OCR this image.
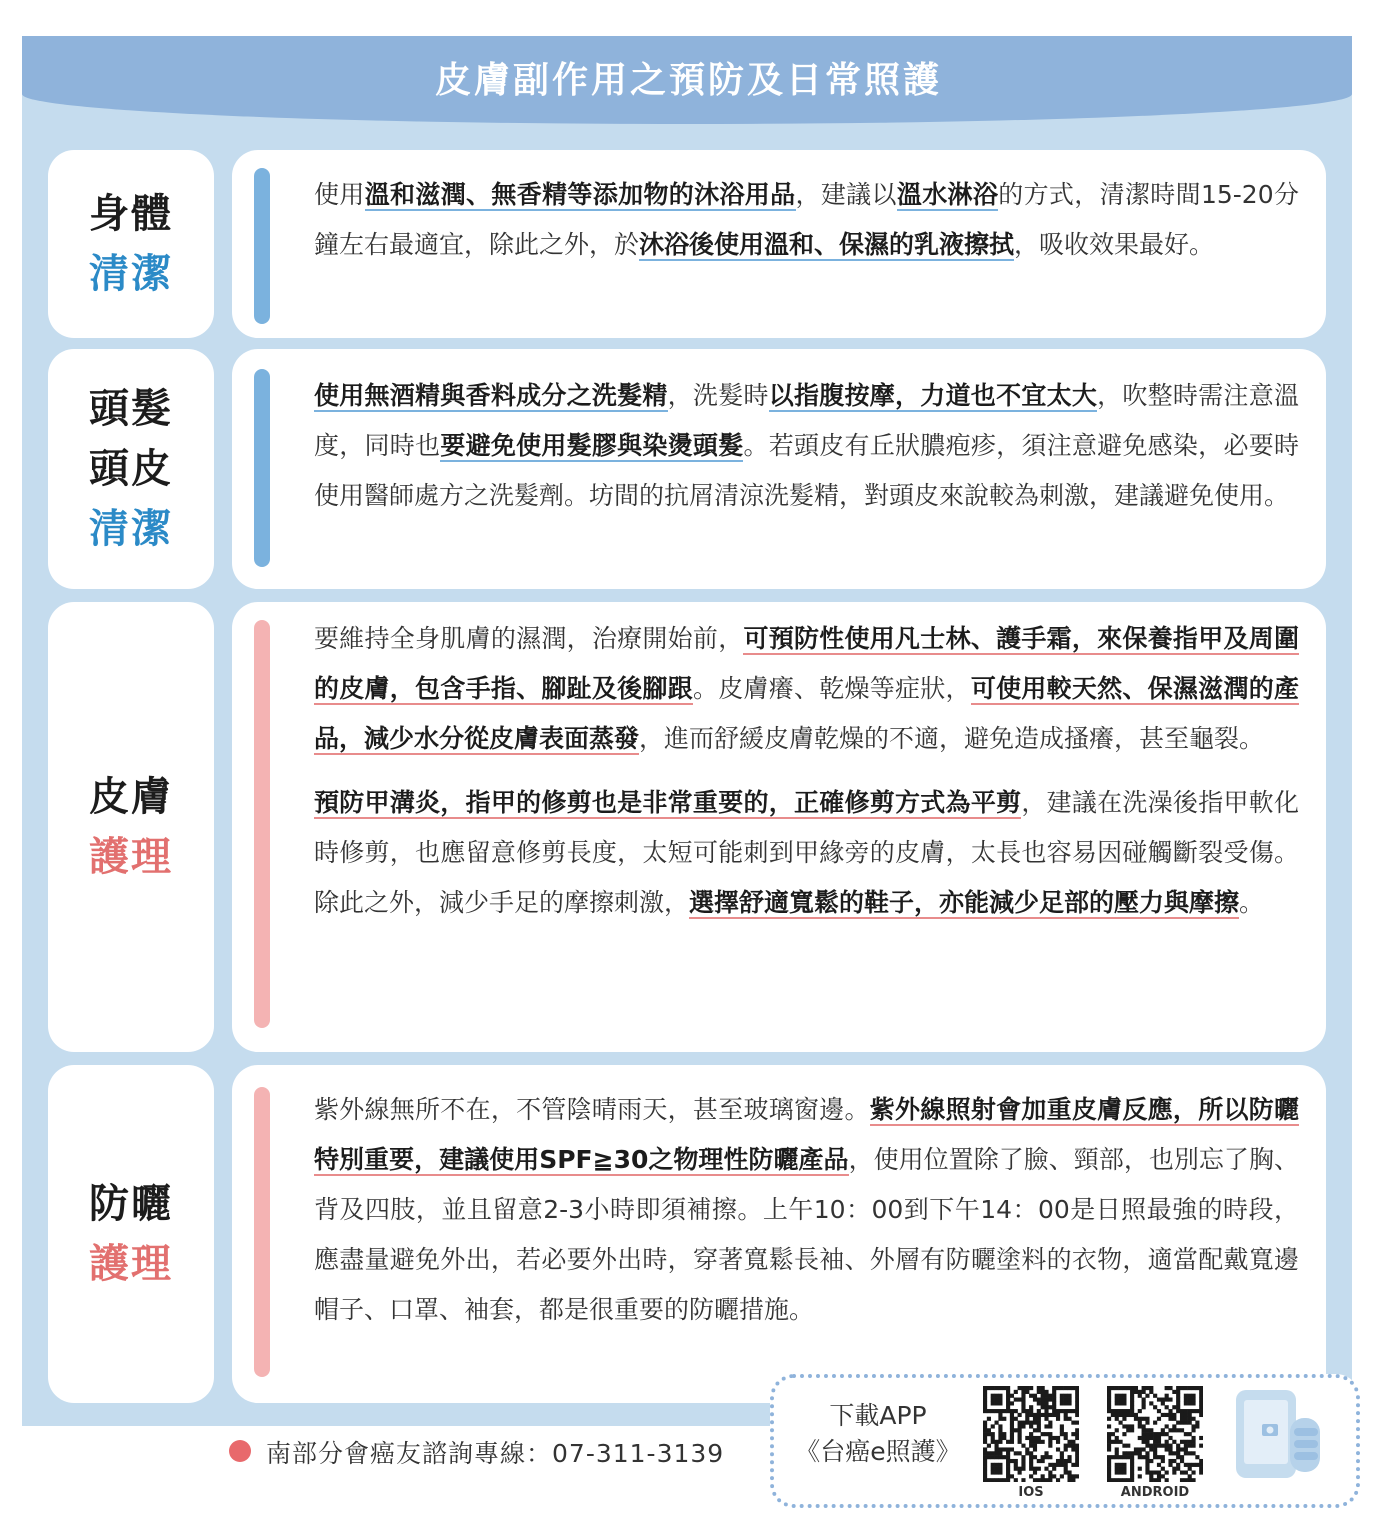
皮膚副作用之預防及日常照護
身體
清潔

使用溫和滋潤、無香精等添加物的沐浴用品，建議以溫水淋浴的方式，清潔時間15-20分鐘左右最適宜，除此之外，於沐浴後使用溫和、保濕的乳液擦拭，吸收效果最好。

頭髮
頭皮
清潔

使用無酒精與香料成分之洗髮精，洗髮時以指腹按摩，力道也不宜太大，吹整時需注意溫度，同時也要避免使用髮膠與染燙頭髮。若頭皮有丘狀膿疱疹，須注意避免感染，必要時使用醫師處方之洗髮劑。坊間的抗屑清涼洗髮精，對頭皮來說較為刺激，建議避免使用。

皮膚
護理

要維持全身肌膚的濕潤，治療開始前，可預防性使用凡士林、護手霜，來保養指甲及周圍的皮膚，包含手指、腳趾及後腳跟。皮膚癢、乾燥等症狀，可使用較天然、保濕滋潤的產品，減少水分從皮膚表面蒸發，進而舒緩皮膚乾燥的不適，避免造成搔癢，甚至龜裂。

預防甲溝炎，指甲的修剪也是非常重要的，正確修剪方式為平剪，建議在洗澡後指甲軟化時修剪，也應留意修剪長度，太短可能刺到甲緣旁的皮膚，太長也容易因碰觸斷裂受傷。除此之外，減少手足的摩擦刺激，選擇舒適寬鬆的鞋子，亦能減少足部的壓力與摩擦。

防曬
護理

紫外線無所不在，不管陰晴雨天，甚至玻璃窗邊。紫外線照射會加重皮膚反應，所以防曬特別重要，建議使用SPF≧30之物理性防曬產品，使用位置除了臉、頸部，也別忘了胸、背及四肢，並且留意2-3小時即須補擦。上午10：00到下午14：00是日照最強的時段，應盡量避免外出，若必要外出時，穿著寬鬆長袖、外層有防曬塗料的衣物，適當配戴寬邊帽子、口罩、袖套，都是很重要的防曬措施。

南部分會癌友諮詢專線：07-311-3139
下載APP
《台癌e照護》
IOS	ANDROID
